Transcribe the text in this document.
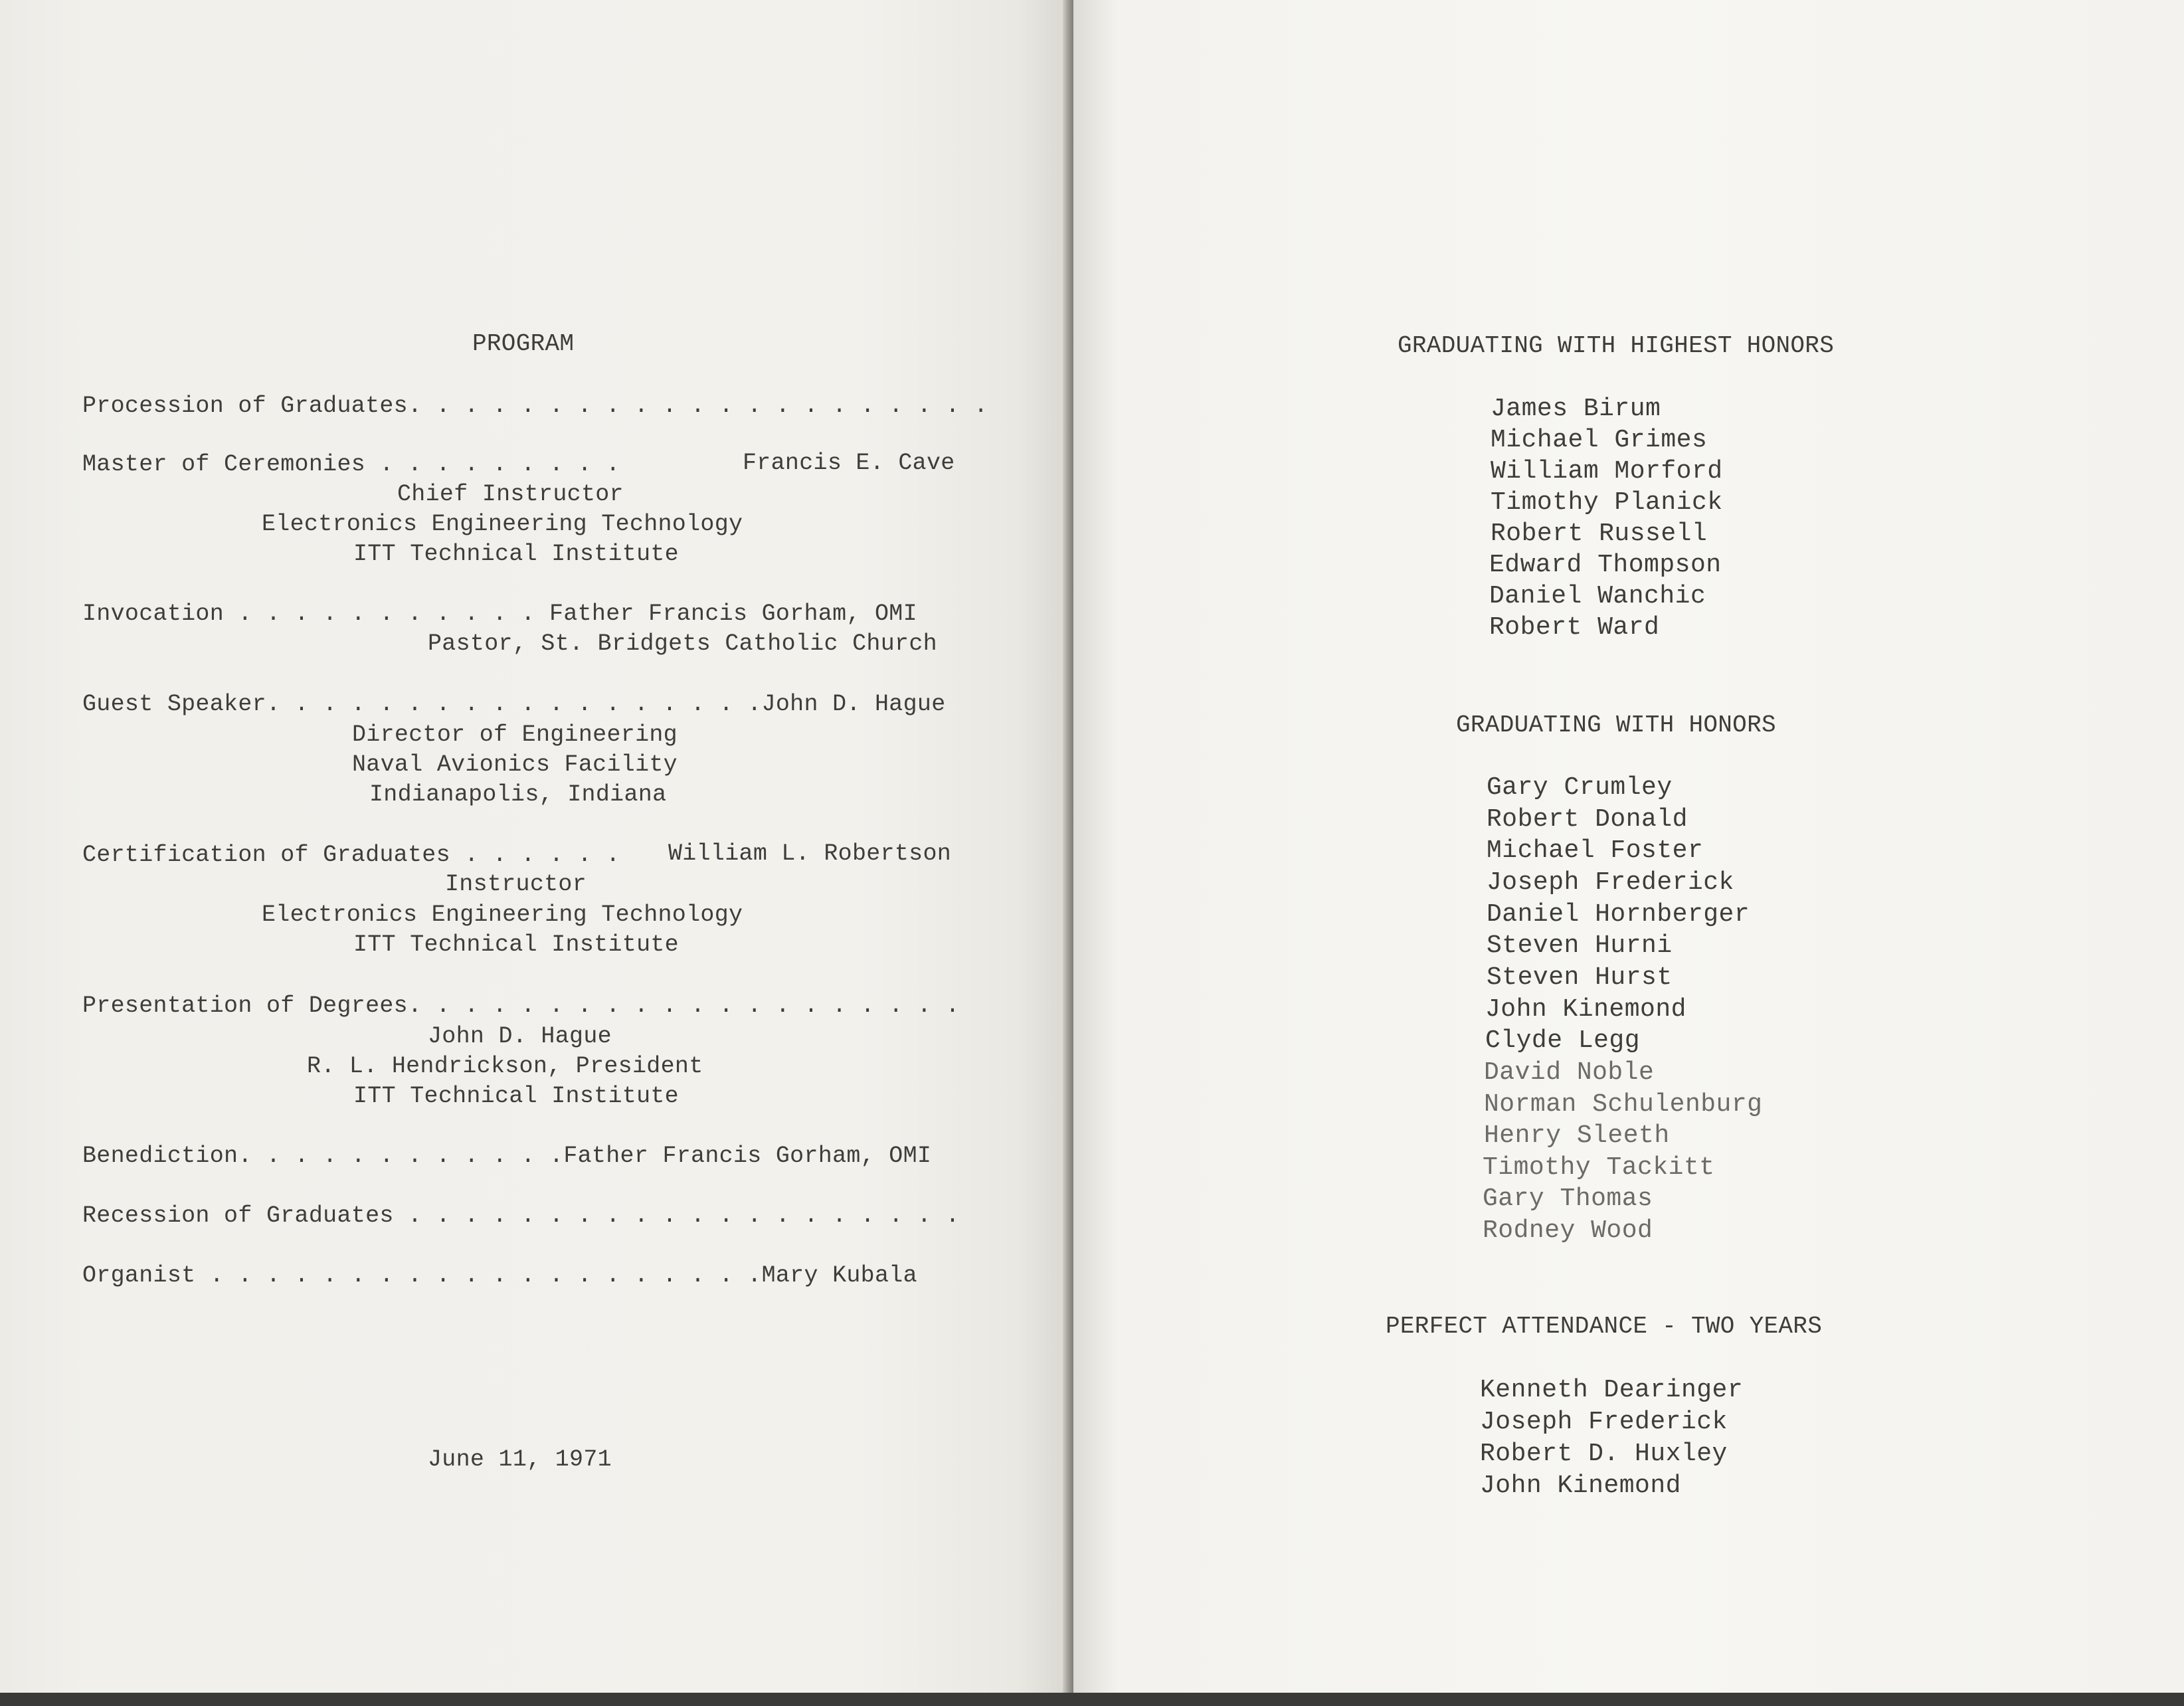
PROGRAM
Procession of Graduates. . . . . . . . . . . . . . . . . . . . .
Master of Ceremonies . . . . . . . . .	Francis E. Cave
Chief Instructor
Electronics Engineering Technology
ITT Technical Institute
Invocation . . . . . . . . . . . Father Francis Gorham, OMI
Pastor, St. Bridgets Catholic Church
Guest Speaker. . . . . . . . . . . . . . . . . .John D. Hague
Director of Engineering
Naval Avionics Facility
Indianapolis, Indiana
Certification of Graduates . . . . . . William L. Robertson
Instructor
Electronics Engineering Technology
ITT Technical Institute
Presentation of Degrees. . . . . . . . . . . . . . . . . . . .
John D. Hague
R. L. Hendrickson, President
ITT Technical Institute
Benediction. . . . . . . . . . . .Father Francis Gorham, OMI
Recession of Graduates . . . . . . . . . . . . . . . . . . . .
Organist . . . . . . . . . . . . . . . . . . . .Mary Kubala
June 11, 1971
GRADUATING WITH HIGHEST HONORS
James Birum
Michael Grimes
William Morford
Timothy Planick
Robert Russell
Edward Thompson
Daniel Wanchic
Robert Ward
GRADUATING WITH HONORS
Gary Crumley
Robert Donald
Michael Foster
Joseph Frederick
Daniel Hornberger
Steven Hurni
Steven Hurst
John Kinemond
Clyde Legg
David Noble
Norman Schulenburg
Henry Sleeth
Timothy Tackitt
Gary Thomas
Rodney Wood
PERFECT ATTENDANCE - TWO YEARS
Kenneth Dearinger
Joseph Frederick
Robert D. Huxley
John Kinemond
